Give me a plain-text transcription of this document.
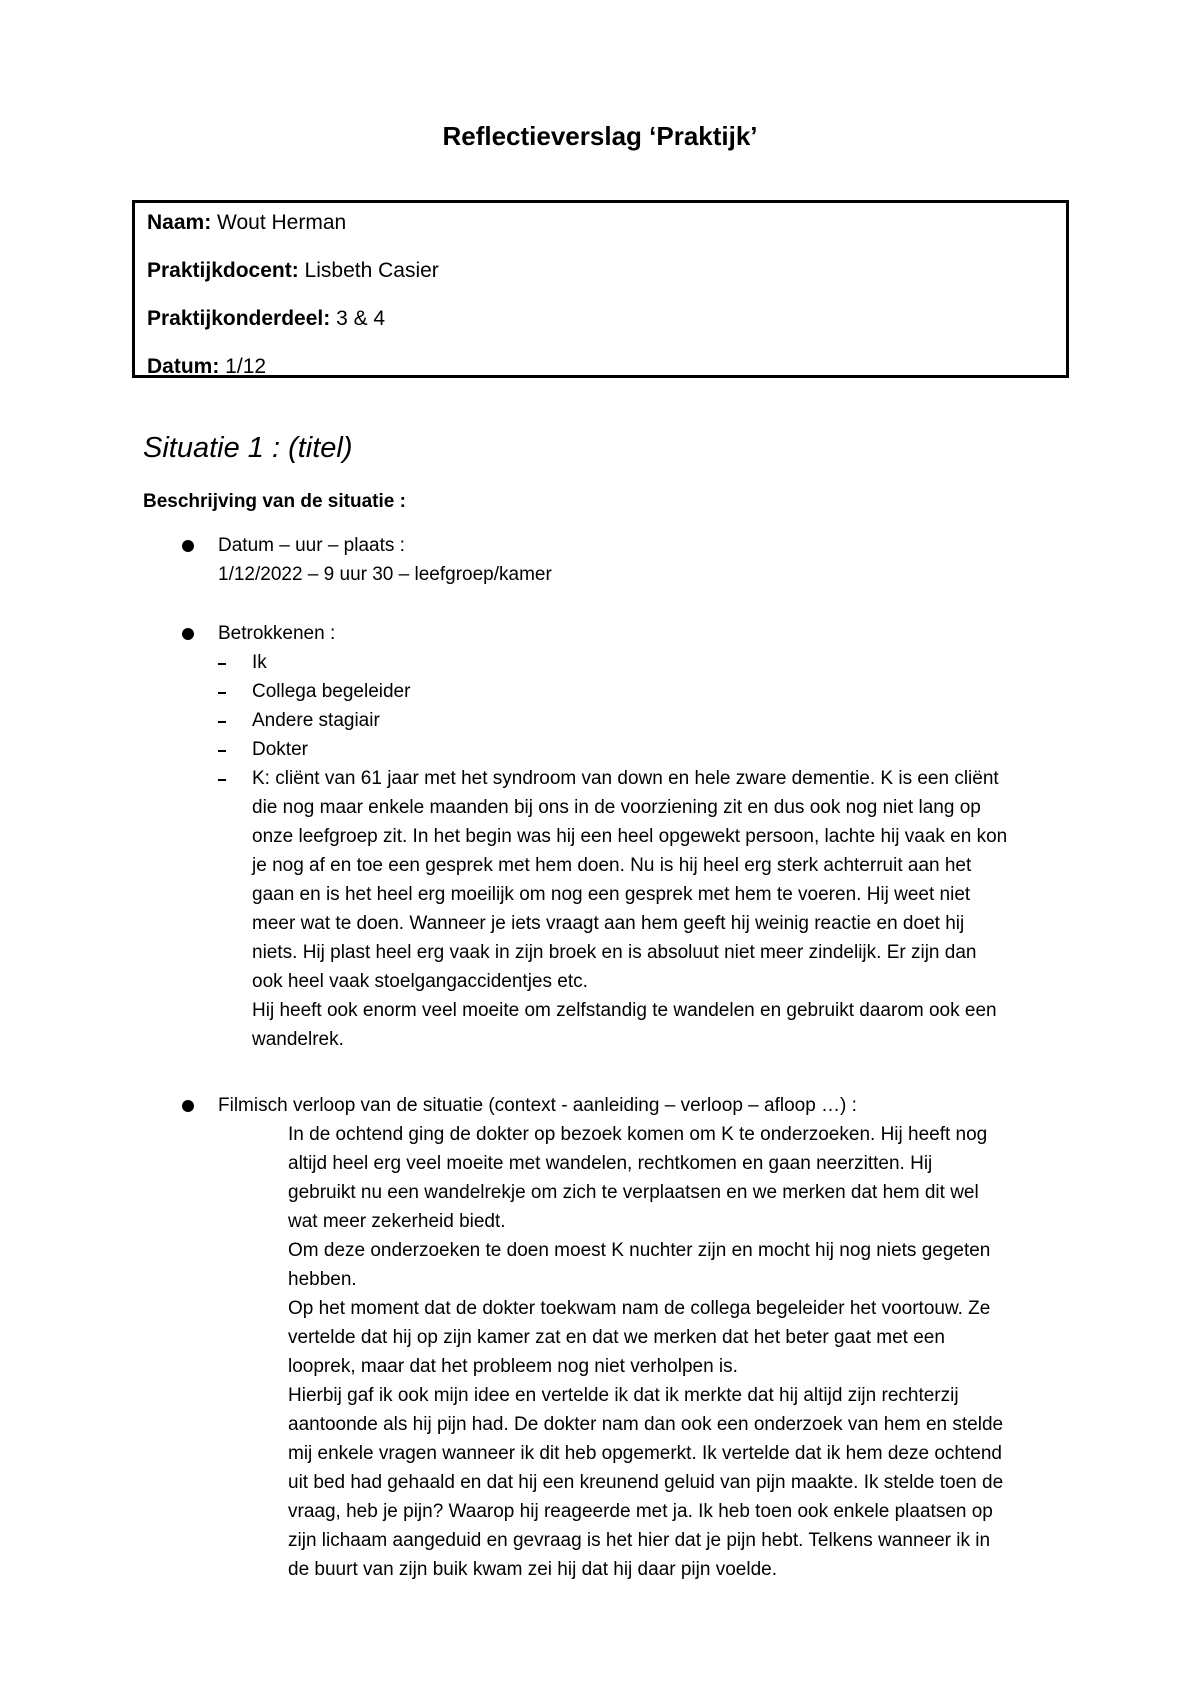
Reflectieverslag ‘Praktijk’
Naam: Wout Herman
Praktijkdocent: Lisbeth Casier
Praktijkonderdeel: 3 & 4
Datum: 1/12
Situatie 1 : (titel)
Beschrijving van de situatie :
Datum – uur – plaats :
1/12/2022 – 9 uur 30 – leefgroep/kamer
Betrokkenen :
Ik
Collega begeleider
Andere stagiair
Dokter
K: cliënt van 61 jaar met het syndroom van down en hele zware dementie. K is een cliënt
die nog maar enkele maanden bij ons in de voorziening zit en dus ook nog niet lang op
onze leefgroep zit. In het begin was hij een heel opgewekt persoon, lachte hij vaak en kon
je nog af en toe een gesprek met hem doen. Nu is hij heel erg sterk achterruit aan het
gaan en is het heel erg moeilijk om nog een gesprek met hem te voeren. Hij weet niet
meer wat te doen. Wanneer je iets vraagt aan hem geeft hij weinig reactie en doet hij
niets. Hij plast heel erg vaak in zijn broek en is absoluut niet meer zindelijk. Er zijn dan
ook heel vaak stoelgangaccidentjes etc.
Hij heeft ook enorm veel moeite om zelfstandig te wandelen en gebruikt daarom ook een
wandelrek.
Filmisch verloop van de situatie (context - aanleiding – verloop – afloop …) :
In de ochtend ging de dokter op bezoek komen om K te onderzoeken. Hij heeft nog
altijd heel erg veel moeite met wandelen, rechtkomen en gaan neerzitten. Hij
gebruikt nu een wandelrekje om zich te verplaatsen en we merken dat hem dit wel
wat meer zekerheid biedt.
Om deze onderzoeken te doen moest K nuchter zijn en mocht hij nog niets gegeten
hebben.
Op het moment dat de dokter toekwam nam de collega begeleider het voortouw. Ze
vertelde dat hij op zijn kamer zat en dat we merken dat het beter gaat met een
looprek, maar dat het probleem nog niet verholpen is.
Hierbij gaf ik ook mijn idee en vertelde ik dat ik merkte dat hij altijd zijn rechterzij
aantoonde als hij pijn had. De dokter nam dan ook een onderzoek van hem en stelde
mij enkele vragen wanneer ik dit heb opgemerkt. Ik vertelde dat ik hem deze ochtend
uit bed had gehaald en dat hij een kreunend geluid van pijn maakte. Ik stelde toen de
vraag, heb je pijn? Waarop hij reageerde met ja. Ik heb toen ook enkele plaatsen op
zijn lichaam aangeduid en gevraag is het hier dat je pijn hebt. Telkens wanneer ik in
de buurt van zijn buik kwam zei hij dat hij daar pijn voelde.
